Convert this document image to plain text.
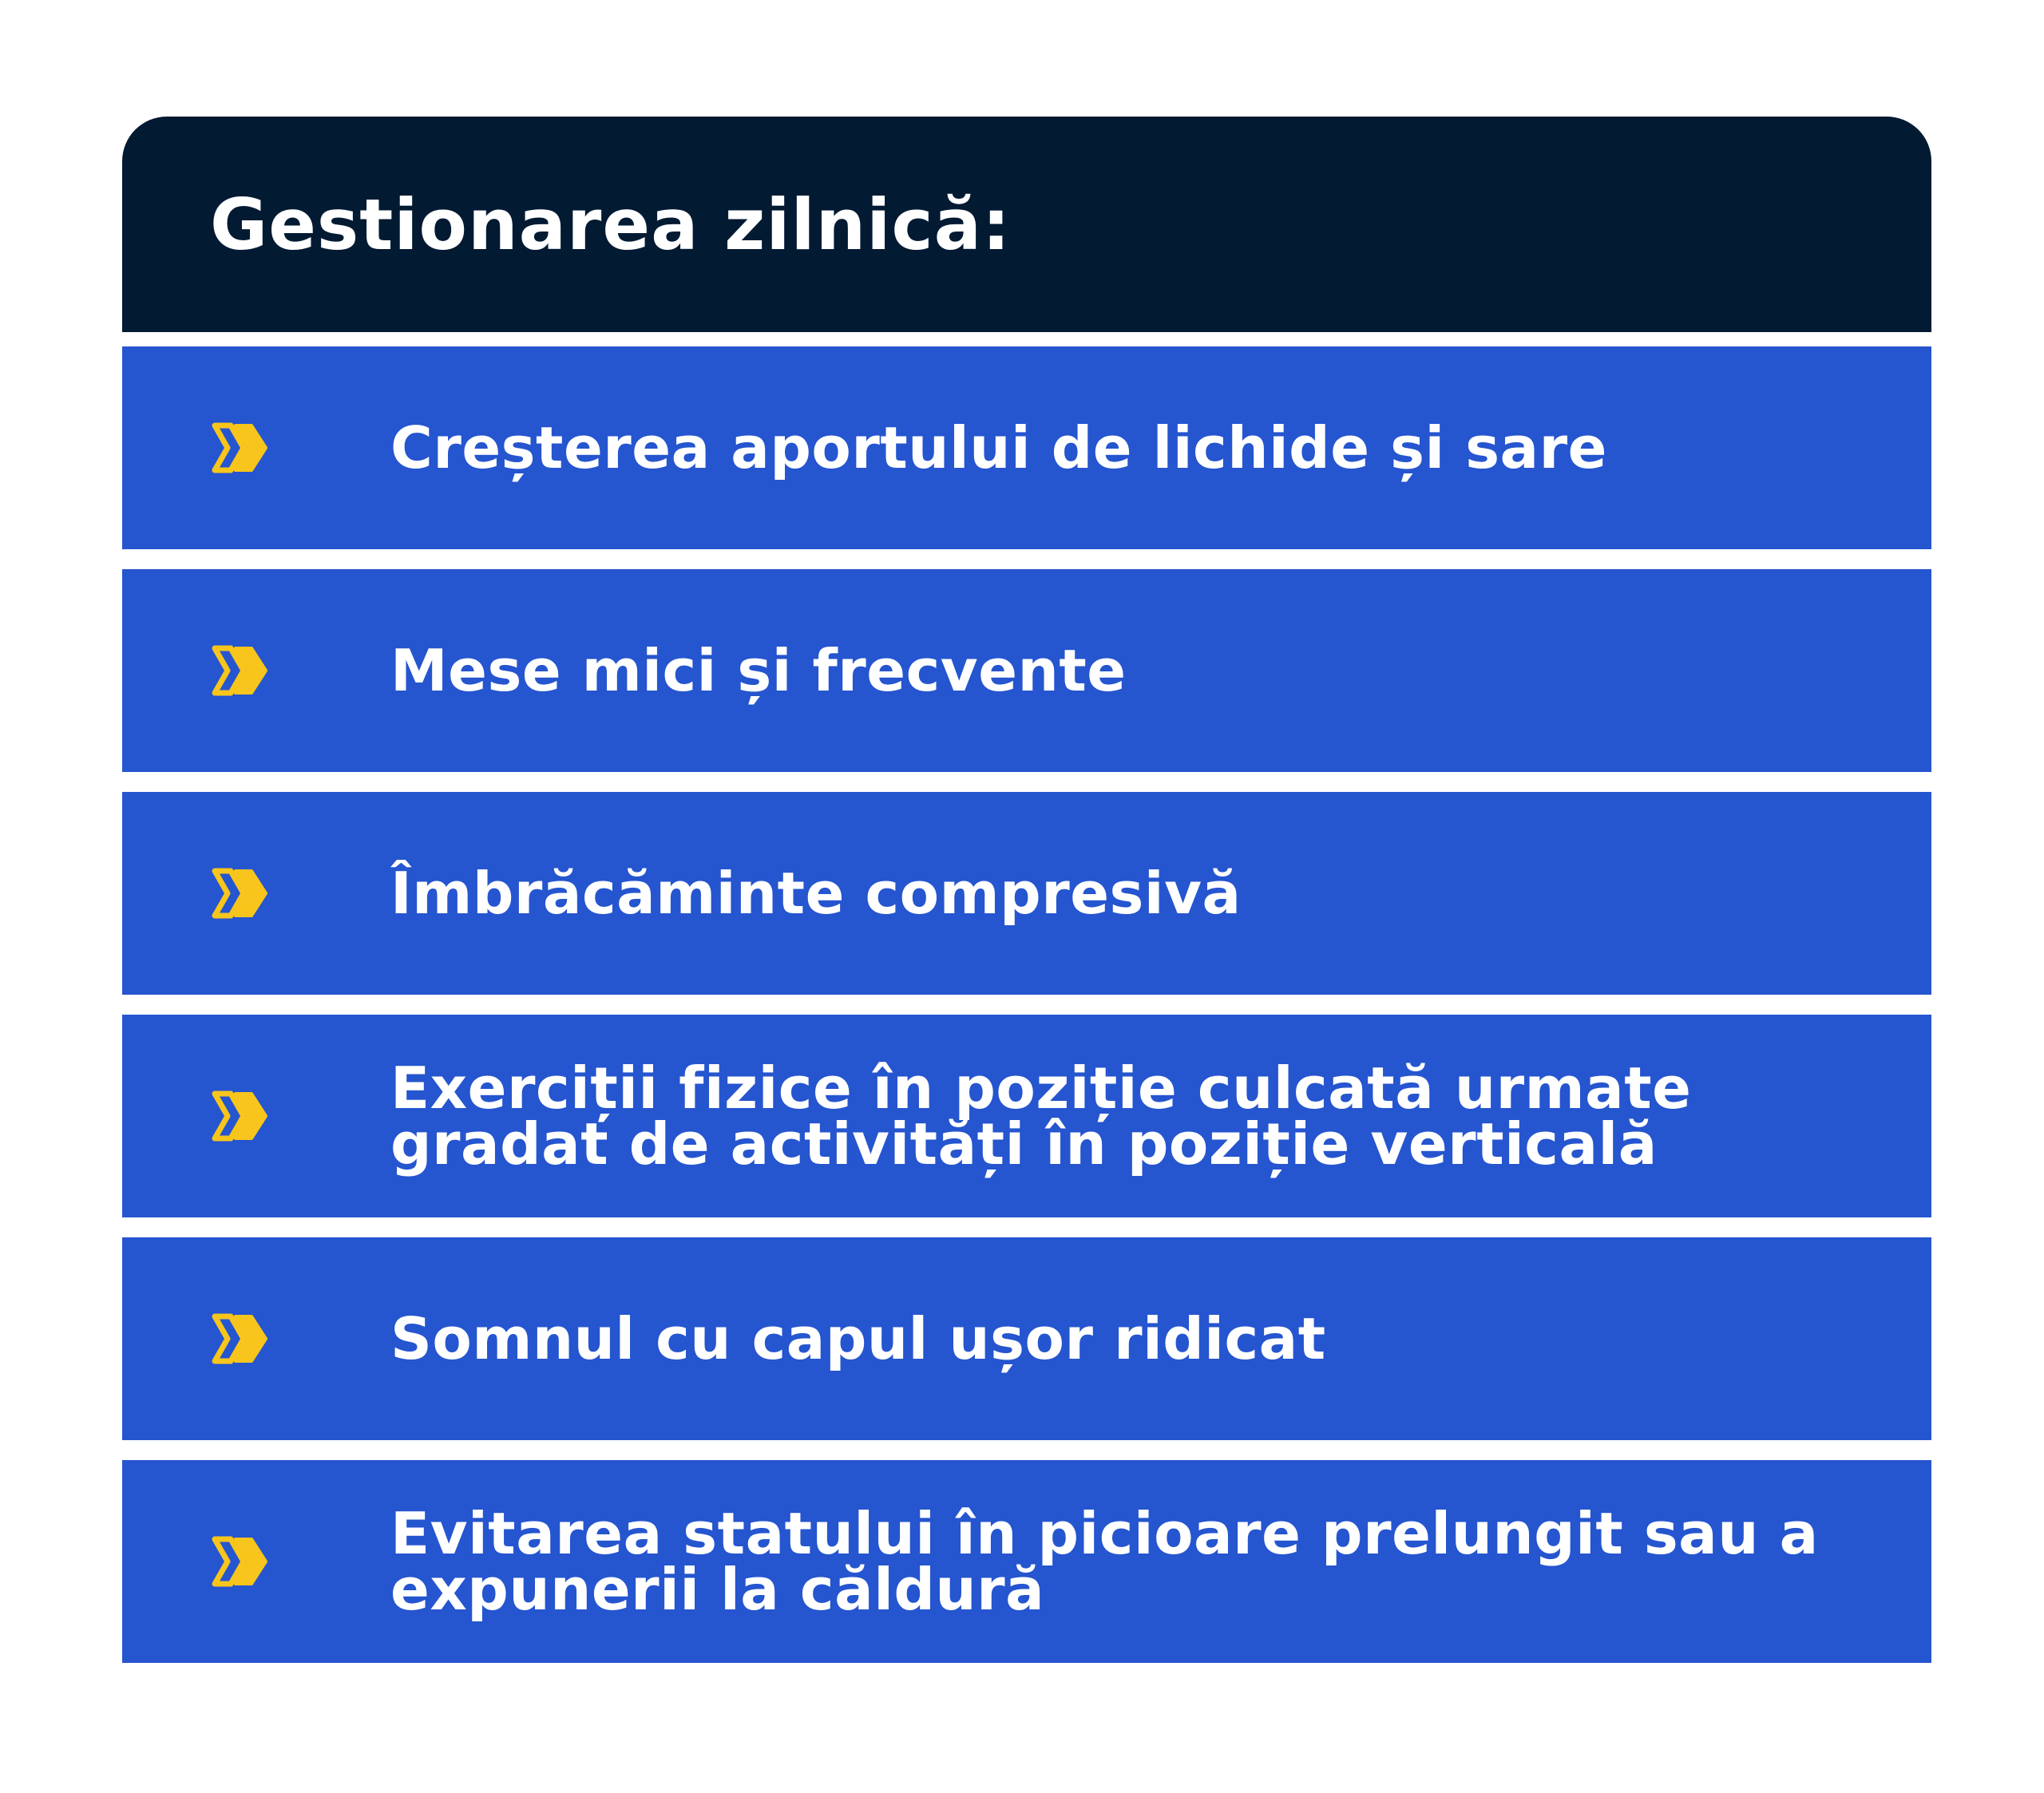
Gestionarea zilnică:
Creșterea aportului de lichide și sare
Mese mici și frecvente
Îmbrăcăminte compresivă
Exerciții fizice în poziție culcată urmate gradat de activități în poziție verticală
Somnul cu capul ușor ridicat
Evitarea statului în picioare prelungit sau a expunerii la căldură
